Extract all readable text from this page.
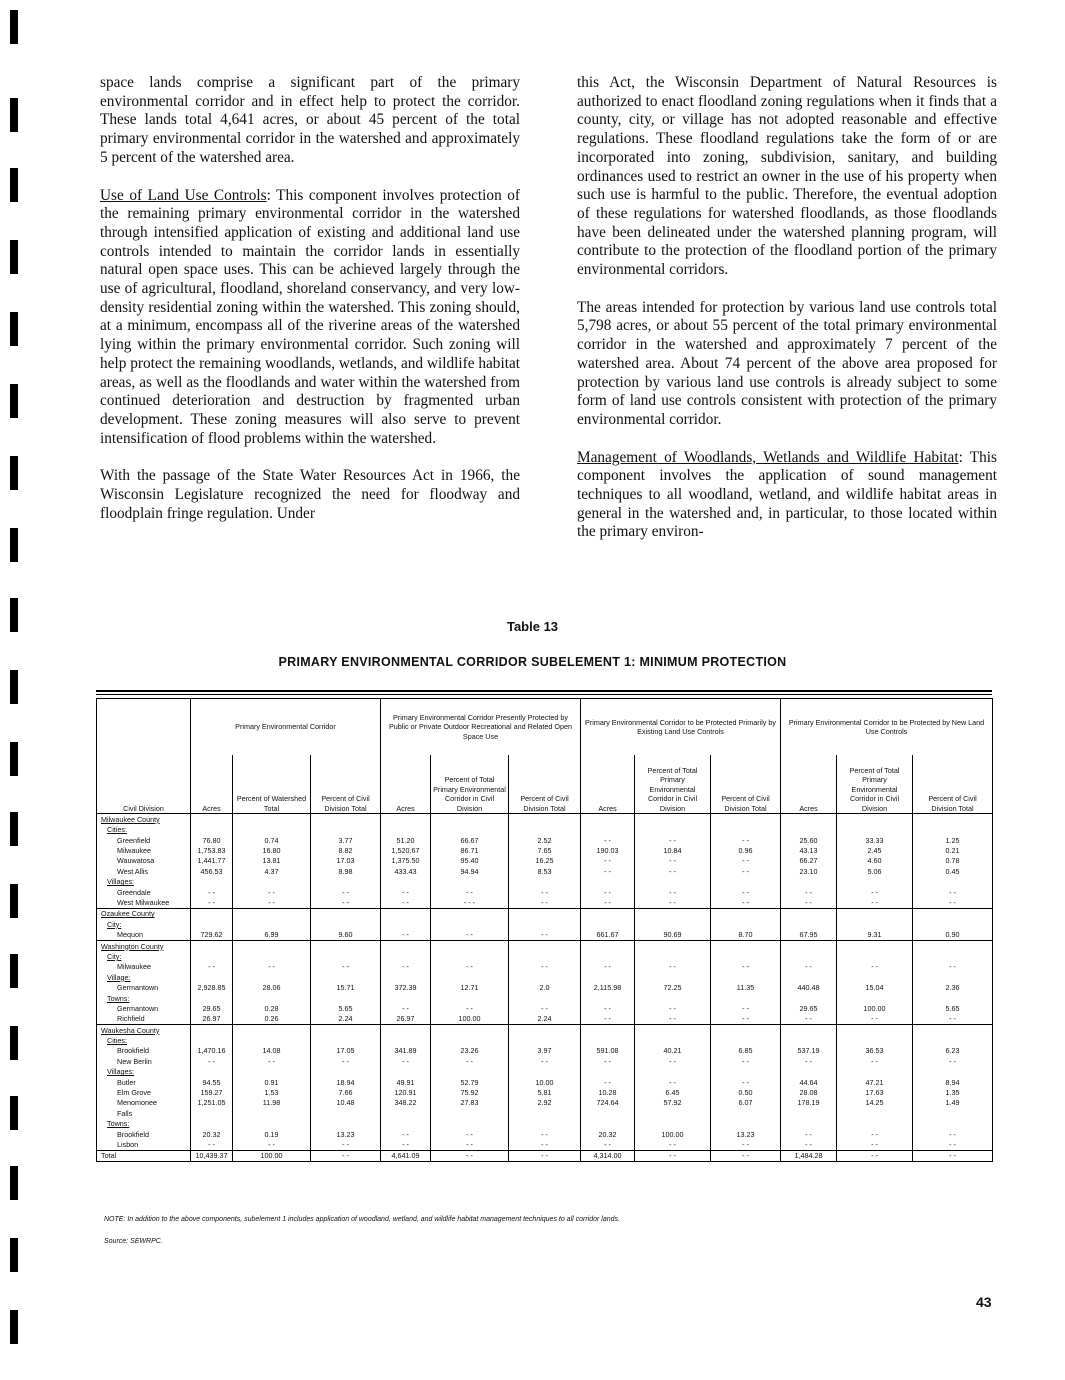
space lands comprise a significant part of the primary environmental corridor and in effect help to protect the corridor. These lands total 4,641 acres, or about 45 percent of the total primary environmental corridor in the watershed and approximately 5 percent of the watershed area.

Use of Land Use Controls: This component involves protection of the remaining primary environmental corridor in the watershed through intensified application of existing and additional land use controls intended to maintain the corridor lands in essentially natural open space uses. This can be achieved largely through the use of agricultural, floodland, shoreland conservancy, and very low-density residential zoning within the watershed. This zoning should, at a minimum, encompass all of the riverine areas of the watershed lying within the primary environmental corridor. Such zoning will help protect the remaining woodlands, wetlands, and wildlife habitat areas, as well as the floodlands and water within the watershed from continued deterioration and destruction by fragmented urban development. These zoning measures will also serve to prevent intensification of flood problems within the watershed.

With the passage of the State Water Resources Act in 1966, the Wisconsin Legislature recognized the need for floodway and floodplain fringe regulation. Under

this Act, the Wisconsin Department of Natural Resources is authorized to enact floodland zoning regulations when it finds that a county, city, or village has not adopted reasonable and effective regulations. These floodland regulations take the form of or are incorporated into zoning, subdivision, sanitary, and building ordinances used to restrict an owner in the use of his property when such use is harmful to the public. Therefore, the eventual adoption of these regulations for watershed floodlands, as those floodlands have been delineated under the watershed planning program, will contribute to the protection of the floodland portion of the primary environmental corridors.

The areas intended for protection by various land use controls total 5,798 acres, or about 55 percent of the total primary environmental corridor in the watershed and approximately 7 percent of the watershed area. About 74 percent of the above area proposed for protection by various land use controls is already subject to some form of land use controls consistent with protection of the primary environmental corridor.

Management of Woodlands, Wetlands and Wildlife Habitat: This component involves the application of sound management techniques to all woodland, wetland, and wildlife habitat areas in general in the watershed and, in particular, to those located within the primary environ-

Table 13
PRIMARY ENVIRONMENTAL CORRIDOR SUBELEMENT 1: MINIMUM PROTECTION
	Primary Environmental Corridor			Primary Environmental Corridor Presently Protected by Public or Private Outdoor Recreational and Related Open Space Use			Primary Environmental Corridor to be Protected Primarily by Existing Land Use Controls			Primary Environmental Corridor to be Protected by New Land Use Controls		
Civil Division	Acres	Percent of Watershed Total	Percent of Civil Division Total	Acres	Percent of Total Primary Environmental Corridor in Civil Division	Percent of Civil Division Total	Acres	Percent of Total Primary Environmental Corridor in Civil Division	Percent of Civil Division Total	Acres	Percent of Total Primary Environmental Corridor in Civil Division	Percent of Civil Division Total
Milwaukee County												
Cities:												
Greenfield	76.80	0.74	3.77	51.20	66.67	2.52	- -	- -	- -	25.60	33.33	1.25
Milwaukee	1,753.83	16.80	8.82	1,520.67	86.71	7.65	190.03	10.84	0.96	43.13	2.45	0.21
Wauwatosa	1,441.77	13.81	17.03	1,375.50	95.40	16.25	- -	- -	- -	66.27	4.60	0.78
West Allis	456.53	4.37	8.98	433.43	94.94	8.53	- -	- -	- -	23.10	5.06	0.45
Villages:												
Greendale	- -	- -	- -	- -	- -	- -	- -	- -	- -	- -	- -	- -
West Milwaukee	- -	- -	- -	- -	- - -	- -	- -	- -	- -	- -	- -	- -
Ozaukee County												
City:												
Mequon	729.62	6.99	9.60	- -	- -	- -	661.67	90.69	8.70	67.95	9.31	0.90
Washington County												
City:												
Milwaukee	- -	- -	- -	- -	- -	- -	- -	- -	- -	- -	- -	- -
Village:												
Germantown	2,928.85	28.06	15.71	372.39	12.71	2.0	2,115.98	72.25	11.35	440.48	15.04	2.36
Towns:												
Germantown	29.65	0.28	5.65	- -	- -	- -	- -	- -	- -	29.65	100.00	5.65
Richfield	26.97	0.26	2.24	26.97	100.00	2.24	- -	- -	- -	- -	- -	- -
Waukesha County												
Cities:												
Brookfield	1,470.16	14.08	17.05	341.89	23.26	3.97	591.08	40.21	6.85	537.19	36.53	6.23
New Berlin	- -	- -	- -	- -	- -	- -	- -	- -	- -	- -	- -	- -
Villages:												
Butler	94.55	0.91	18.94	49.91	52.79	10.00	- -	- -	- -	44.64	47.21	8.94
Elm Grove	159.27	1.53	7.66	120.91	75.92	5.81	10.28	6.45	0.50	28.08	17.63	1.35
Menomonee	1,251.05	11.98	10.48	348.22	27.83	2.92	724.64	57.92	6.07	178.19	14.25	1.49
Falls												
Towns:												
Brookfield	20.32	0.19	13.23	- -	- -	- -	20.32	100.00	13.23	- -	- -	- -
Lisbon	- -	- -	- -	- -	- -	- -	- -	- -	- -	- -	- -	- -
Total	10,439.37	100.00	- -	4,641.09	- -	- -	4,314.00	- -	- -	1,484.28	- -	- -
NOTE: In addition to the above components, subelement 1 includes application of woodland, wetland, and wildlife habitat management techniques to all corridor lands.
Source: SEWRPC.
43
